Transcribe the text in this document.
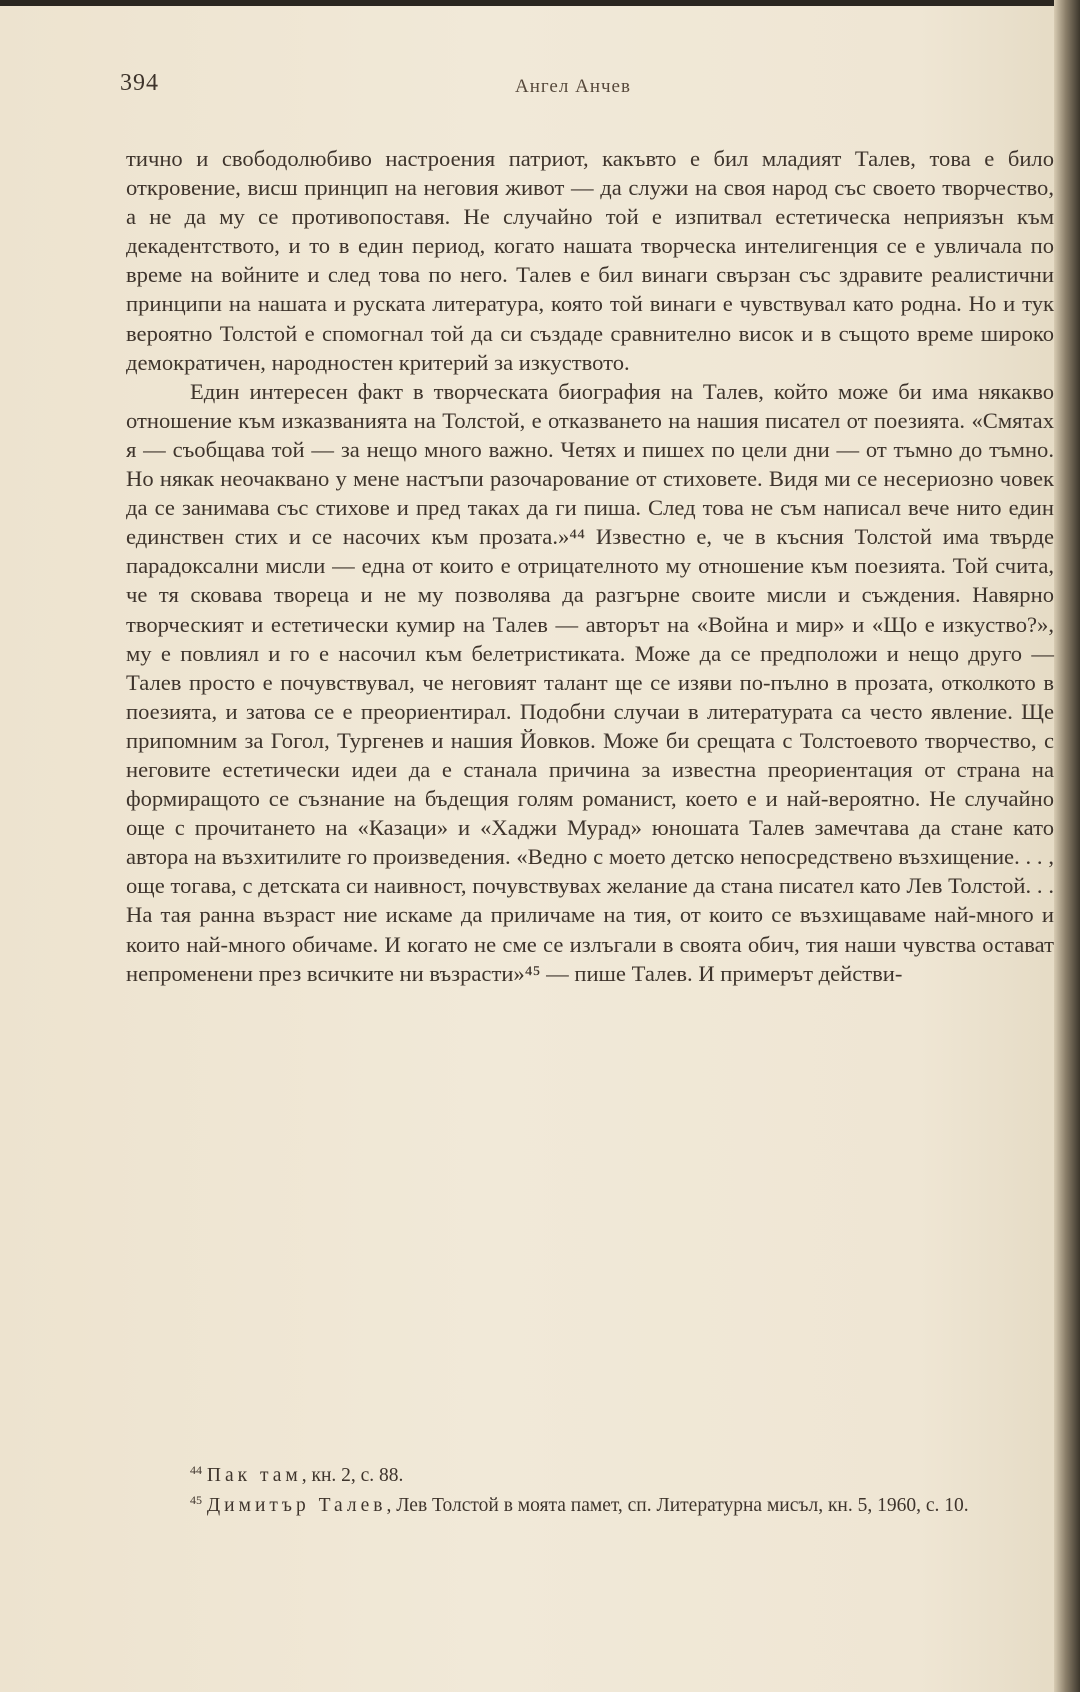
394	Ангел Анчев

тично и свободолюбиво настроения патриот, какъвто е бил младият Талев, това е било откровение, висш принцип на неговия живот — да служи на своя народ със своето творчество, а не да му се противопоставя. Не случайно той е изпитвал естетическа неприязън към декадентството, и то в един период, когато нашата творческа интелигенция се е увличала по време на войните и след това по него. Талев е бил винаги свързан със здравите реалистични принципи на нашата и руската литература, която той винаги е чувствувал като родна. Но и тук вероятно Толстой е спомогнал той да си създаде сравнително висок и в същото време широко демократичен, народностен критерий за изкуството.

Един интересен факт в творческата биография на Талев, който може би има някакво отношение към изказванията на Толстой, е отказването на нашия писател от поезията. «Смятах я — съобщава той — за нещо много важно. Четях и пишех по цели дни — от тъмно до тъмно. Но някак неочаквано у мене настъпи разочарование от стиховете. Видя ми се несериозно човек да се занимава със стихове и пред таках да ги пиша. След това не съм написал вече нито един единствен стих и се насочих към прозата.»⁴⁴ Известно е, че в късния Толстой има твърде парадоксални мисли — една от които е отрицателното му отношение към поезията. Той счита, че тя сковава твореца и не му позволява да разгърне своите мисли и съждения. Навярно творческият и естетически кумир на Талев — авторът на «Война и мир» и «Що е изкуство?», му е повлиял и го е насочил към белетристиката. Може да се предположи и нещо друго — Талев просто е почувствувал, че неговият талант ще се изяви по-пълно в прозата, отколкото в поезията, и затова се е преориентирал. Подобни случаи в литературата са често явление. Ще припомним за Гогол, Тургенев и нашия Йовков. Може би срещата с Толстоевото творчество, с неговите естетически идеи да е станала причина за известна преориентация от страна на формиращото се съзнание на бъдещия голям романист, което е и най-вероятно. Не случайно още с прочитането на «Казаци» и «Хаджи Мурад» юношата Талев замечтава да стане като автора на възхитилите го произведения. «Ведно с моето детско непосредствено възхищение. . . , още тогава, с детската си наивност, почувствувах желание да стана писател като Лев Толстой. . . На тая ранна възраст ние искаме да приличаме на тия, от които се възхищаваме най-много и които най-много обичаме. И когато не сме се излъгали в своята обич, тия наши чувства остават непроменени през всичките ни възрасти»⁴⁵ — пише Талев. И примерът действи-

$^{44}$ Пак там, кн. 2, с. 88.

$^{45}$ Димитър Талев, Лев Толстой в моята памет, сп. Литературна мисъл, кн. 5, 1960, с. 10.
